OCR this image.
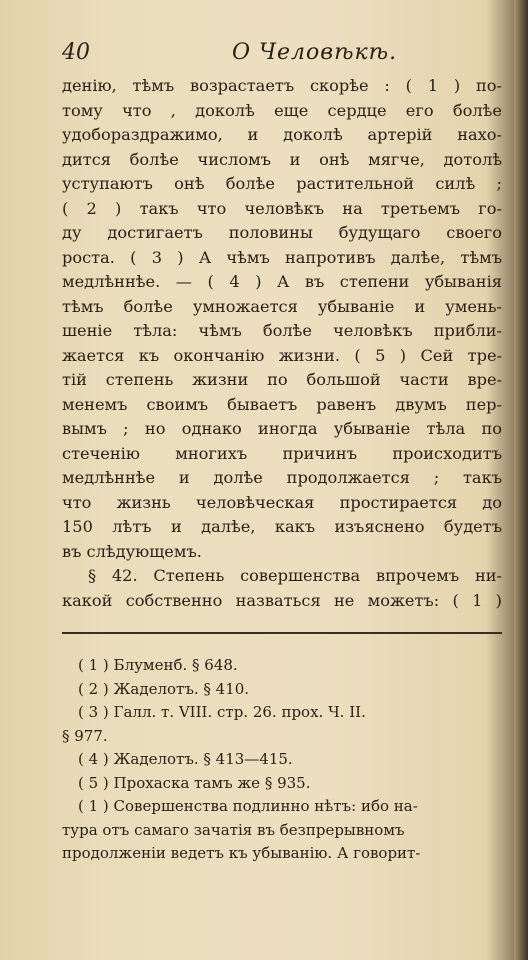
40	О Человѣкѣ.
денію, тѣмъ возрастаетъ скорѣе : ( 1 ) по-
тому что , доколѣ еще сердце его болѣе
удобораздражимо, и доколѣ артерій нахо-
дится болѣе числомъ и онѣ мягче, дотолѣ
уступаютъ онѣ болѣе растительной силѣ ;
( 2 ) такъ что человѣкъ на третьемъ го-
ду достигаетъ половины будущаго своего
роста. ( 3 ) А чѣмъ напротивъ далѣе, тѣмъ
медлѣннѣе. — ( 4 ) А въ степени убыванія
тѣмъ болѣе умножается убываніе и умень-
шеніе тѣла: чѣмъ болѣе человѣкъ прибли-
жается къ окончанію жизни. ( 5 ) Сей тре-
тій степень жизни по большой части вре-
менемъ своимъ бываетъ равенъ двумъ пер-
вымъ ; но однако иногда убываніе тѣла по
стеченію многихъ причинъ происходитъ
медлѣннѣе и долѣе продолжается ; такъ
что жизнь человѣческая простирается до
150 лѣтъ и далѣе, какъ изъяснено будетъ
въ слѣдующемъ.
§ 42. Степень совершенства впрочемъ ни-
какой собственно назваться не можетъ: ( 1 )
( 1 ) Блуменб. § 648.
( 2 ) Жаделотъ. § 410.
( 3 ) Галл. т. VIII. стр. 26. прох. Ч. II.
§ 977.
( 4 ) Жаделотъ. § 413—415.
( 5 ) Прохаска тамъ же § 935.
( 1 ) Совершенства подлинно нѣтъ: ибо на-
тура отъ самаго зачатія въ безпрерывномъ
продолженіи ведетъ къ убыванію. А говорит-
